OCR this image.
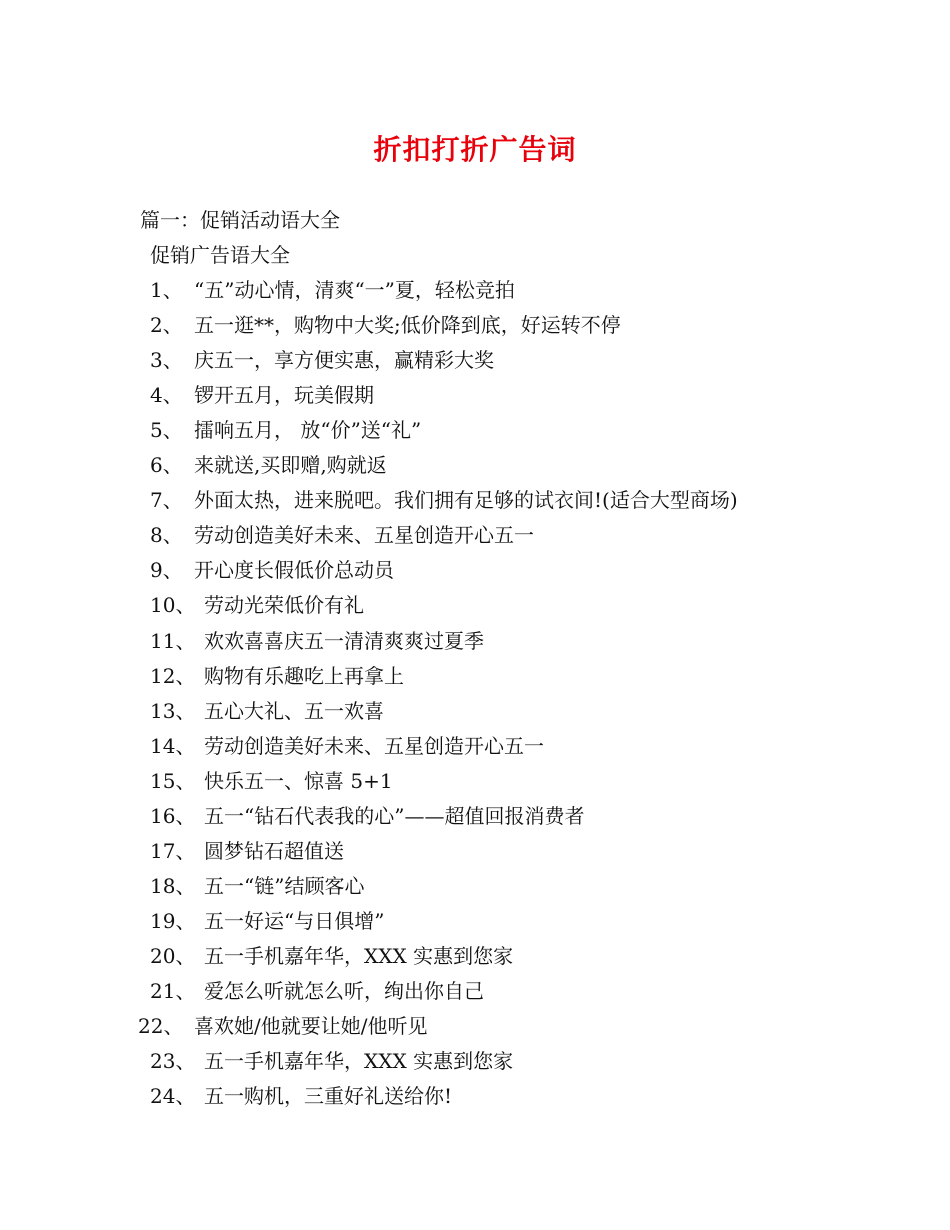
折扣打折广告词
篇一：促销活动语大全
促销广告语大全
1、 “五”动心情，清爽“一”夏，轻松竞拍
2、 五一逛**，购物中大奖;低价降到底，好运转不停
3、 庆五一，享方便实惠，赢精彩大奖
4、 锣开五月，玩美假期
5、 擂响五月， 放“价”送“礼”
6、 来就送,买即赠,购就返
7、 外面太热，进来脱吧。我们拥有足够的试衣间!(适合大型商场)
8、 劳动创造美好未来、五星创造开心五一
9、 开心度长假低价总动员
10、 劳动光荣低价有礼
11、 欢欢喜喜庆五一清清爽爽过夏季
12、 购物有乐趣吃上再拿上
13、 五心大礼、五一欢喜
14、 劳动创造美好未来、五星创造开心五一
15、 快乐五一、惊喜 5+1
16、 五一“钻石代表我的心”——超值回报消费者
17、 圆梦钻石超值送
18、 五一“链”结顾客心
19、 五一好运“与日俱增”
20、 五一手机嘉年华，XXX 实惠到您家
21、 爱怎么听就怎么听，绚出你自己
22、 喜欢她/他就要让她/他听见
23、 五一手机嘉年华，XXX 实惠到您家
24、 五一购机，三重好礼送给你!
